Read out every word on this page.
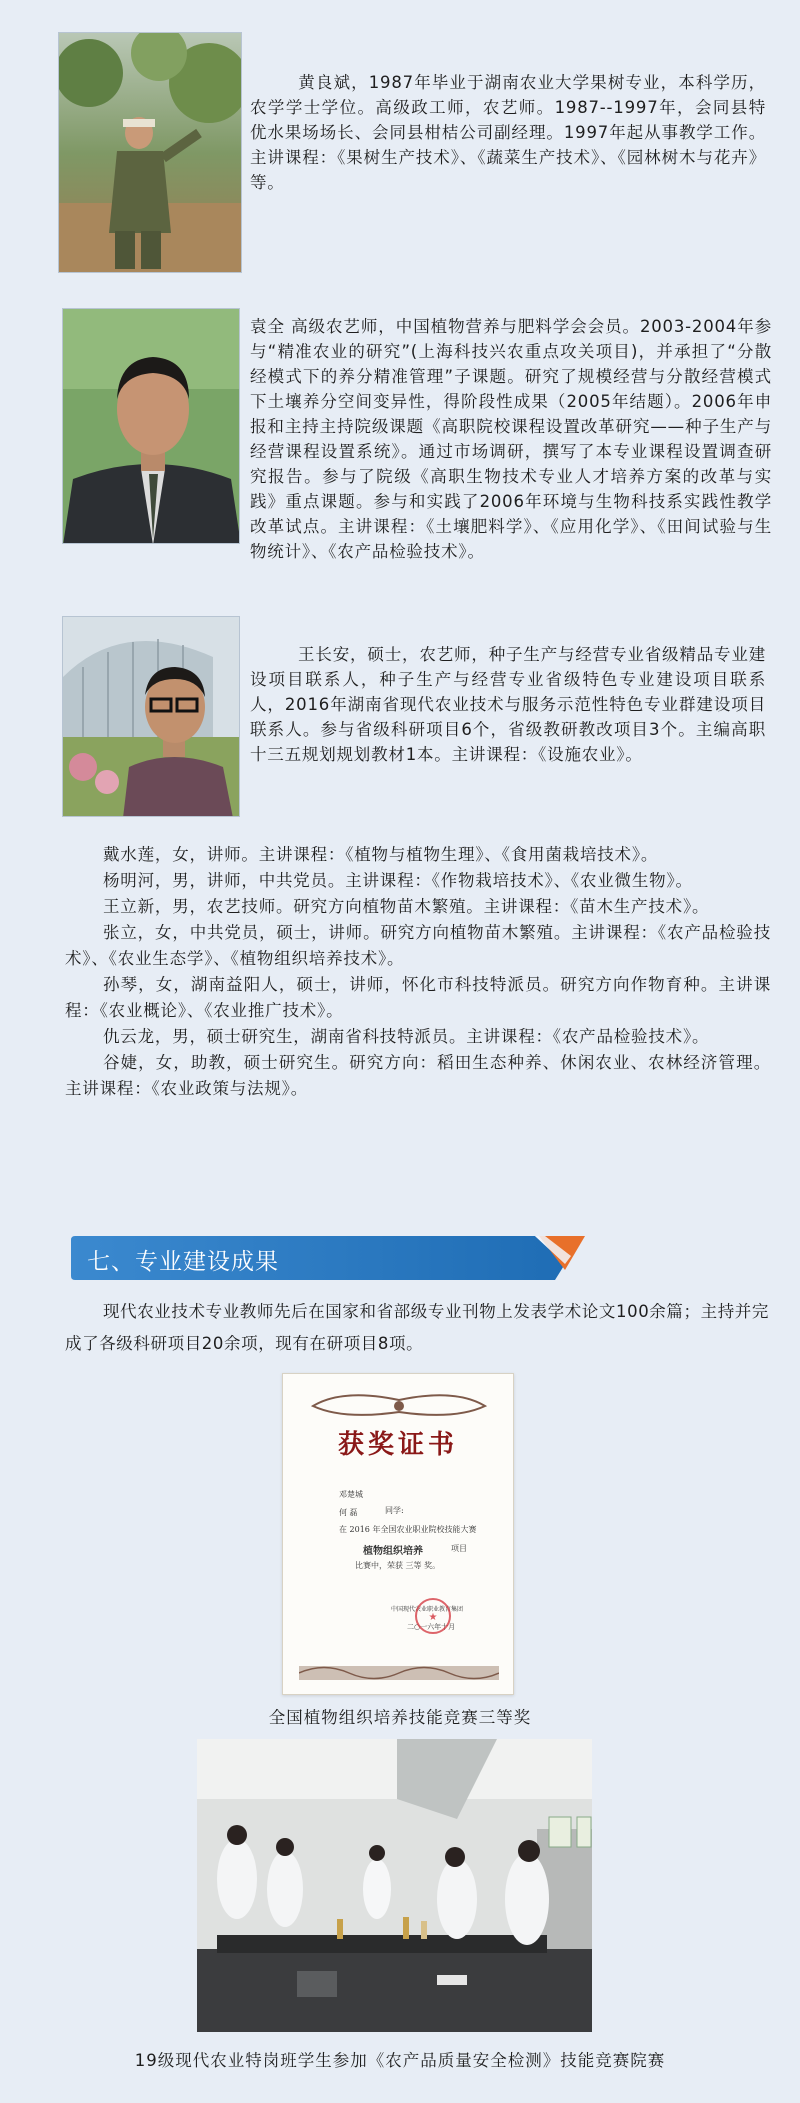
黄良斌，1987年毕业于湖南农业大学果树专业，本科学历，农学学士学位。高级政工师，农艺师。1987--1997年，会同县特优水果场场长、会同县柑桔公司副经理。1997年起从事教学工作。主讲课程：《果树生产技术》、《蔬菜生产技术》、《园林树木与花卉》等。
袁全 高级农艺师，中国植物营养与肥料学会会员。2003-2004年参与“精准农业的研究”(上海科技兴农重点攻关项目)，并承担了“分散经模式下的养分精准管理”子课题。研究了规模经营与分散经营模式下土壤养分空间变异性，得阶段性成果（2005年结题）。2006年申报和主持主持院级课题《高职院校课程设置改革研究——种子生产与经营课程设置系统》。通过市场调研，撰写了本专业课程设置调查研究报告。参与了院级《高职生物技术专业人才培养方案的改革与实践》重点课题。参与和实践了2006年环境与生物科技系实践性教学改革试点。主讲课程：《土壤肥料学》、《应用化学》、《田间试验与生物统计》、《农产品检验技术》。
王长安，硕士，农艺师，种子生产与经营专业省级精品专业建设项目联系人，种子生产与经营专业省级特色专业建设项目联系人，2016年湖南省现代农业技术与服务示范性特色专业群建设项目联系人。参与省级科研项目6个，省级教研教改项目3个。主编高职十三五规划规划教材1本。主讲课程：《设施农业》。

戴水莲，女，讲师。主讲课程：《植物与植物生理》、《食用菌栽培技术》。

杨明河，男，讲师，中共党员。主讲课程：《作物栽培技术》、《农业微生物》。

王立新，男，农艺技师。研究方向植物苗木繁殖。主讲课程：《苗木生产技术》。

张立，女，中共党员，硕士，讲师。研究方向植物苗木繁殖。主讲课程：《农产品检验技术》、《农业生态学》、《植物组织培养技术》。

孙琴，女，湖南益阳人，硕士，讲师，怀化市科技特派员。研究方向作物育种。主讲课程：《农业概论》、《农业推广技术》。

仇云龙，男，硕士研究生，湖南省科技特派员。主讲课程：《农产品检验技术》。

谷婕，女，助教，硕士研究生。研究方向：稻田生态种养、休闲农业、农林经济管理。主讲课程：《农业政策与法规》。

七、专业建设成果
现代农业技术专业教师先后在国家和省部级专业刊物上发表学术论文100余篇；主持并完成了各级科研项目20余项，现有在研项目8项。
获奖证书
邓楚城
何 磊	同学:
在 2016 年全国农业职业院校技能大赛
植物组织培养	项目
比赛中，荣获 三等 奖。
中国现代农业职业教育集团
二○一六年十月
★
全国植物组织培养技能竞赛三等奖
19级现代农业特岗班学生参加《农产品质量安全检测》技能竞赛院赛
